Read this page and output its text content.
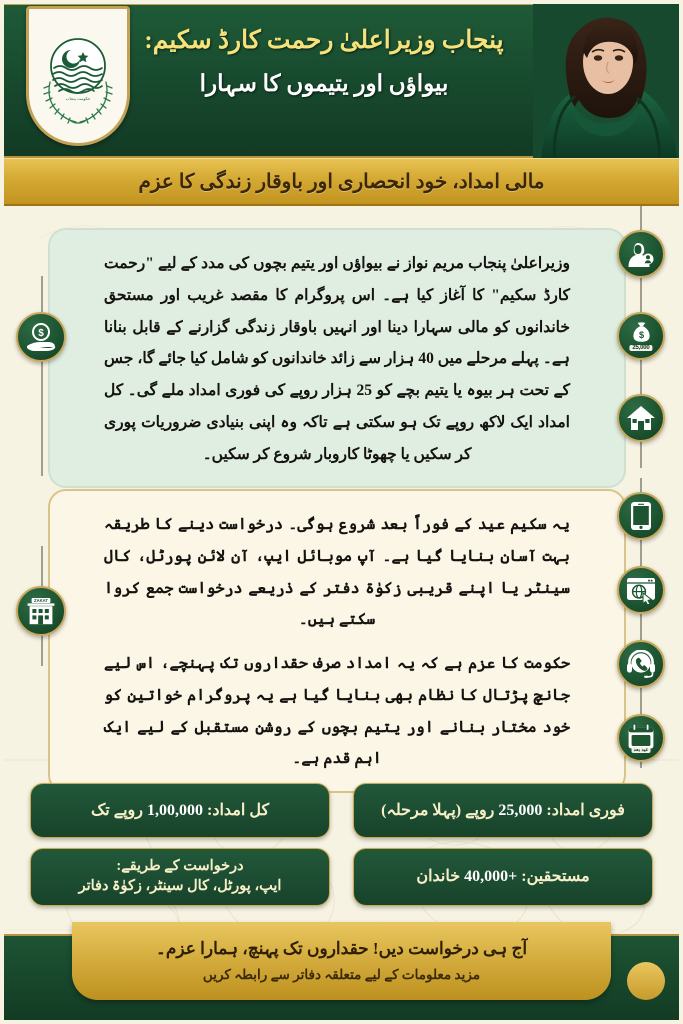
حکومت پنجاب
پنجاب وزیراعلیٰ رحمت کارڈ سکیم:
بیواؤں اور یتیموں کا سہارا
مالی امداد، خود انحصاری اور باوقار زندگی کا عزم

وزیراعلیٰ پنجاب مریم نواز نے بیواؤں اور یتیم بچوں کی مدد کے لیے "رحمت کارڈ سکیم" کا آغاز کیا ہے۔ اس پروگرام کا مقصد غریب اور مستحق خاندانوں کو مالی سہارا دینا اور انہیں باوقار زندگی گزارنے کے قابل بنانا ہے۔ پہلے مرحلے میں 40 ہزار سے زائد خاندانوں کو شامل کیا جائے گا، جس کے تحت ہر بیوہ یا یتیم بچے کو 25 ہزار روپے کی فوری امداد ملے گی۔ کل امداد ایک لاکھ روپے تک ہو سکتی ہے تاکہ وہ اپنی بنیادی ضروریات پوری کر سکیں یا چھوٹا کاروبار شروع کر سکیں۔

$
25,000
$

یہ سکیم عید کے فوراً بعد شروع ہوگی۔ درخواست دینے کا طریقہ بہت آسان بنایا گیا ہے۔ آپ موبائل ایپ، آن لائن پورٹل، کال سینٹر یا اپنے قریبی زکوٰۃ دفتر کے ذریعے درخواست جمع کروا سکتے ہیں۔

حکومت کا عزم ہے کہ یہ امداد صرف حقداروں تک پہنچے، اس لیے جانچ پڑتال کا نظام بھی بنایا گیا ہے یہ پروگرام خواتین کو خود مختار بنانے اور یتیم بچوں کے روشن مستقبل کے لیے ایک اہم قدم ہے۔

عید بعد
ZAKAT
فوری امداد: 25,000 روپے (پہلا مرحلہ)
کل امداد: 1,00,000 روپے تک
مستحقین: +40,000 خاندان
درخواست کے طریقے:
ایپ، پورٹل، کال سینٹر، زکوٰۃ دفاتر
آج ہی درخواست دیں! حقداروں تک پہنچ، ہمارا عزم۔
مزید معلومات کے لیے متعلقہ دفاتر سے رابطہ کریں
